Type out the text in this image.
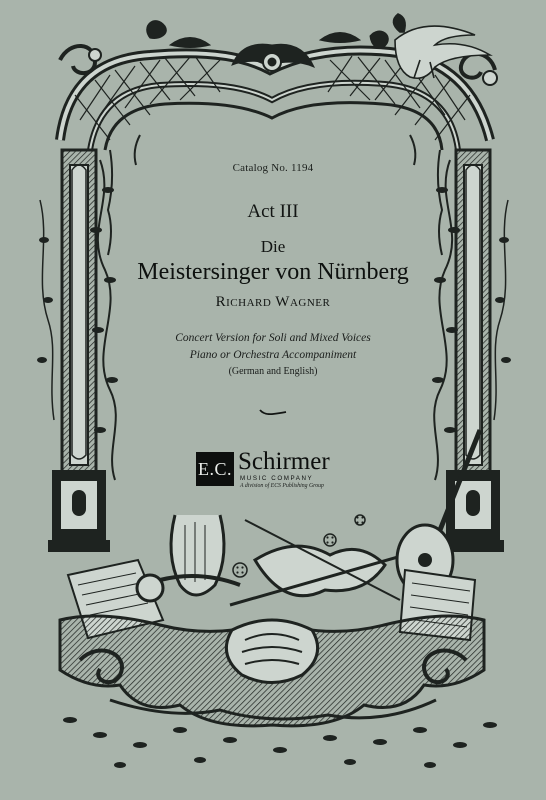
Catalog No. 1194
Act III
Die
Meistersinger von Nürnberg
Richard Wagner
Concert Version for Soli and Mixed Voices
Piano or Orchestra Accompaniment
(German and English)
E.C. Schirmer
MUSIC COMPANY
A division of ECS Publishing Group
